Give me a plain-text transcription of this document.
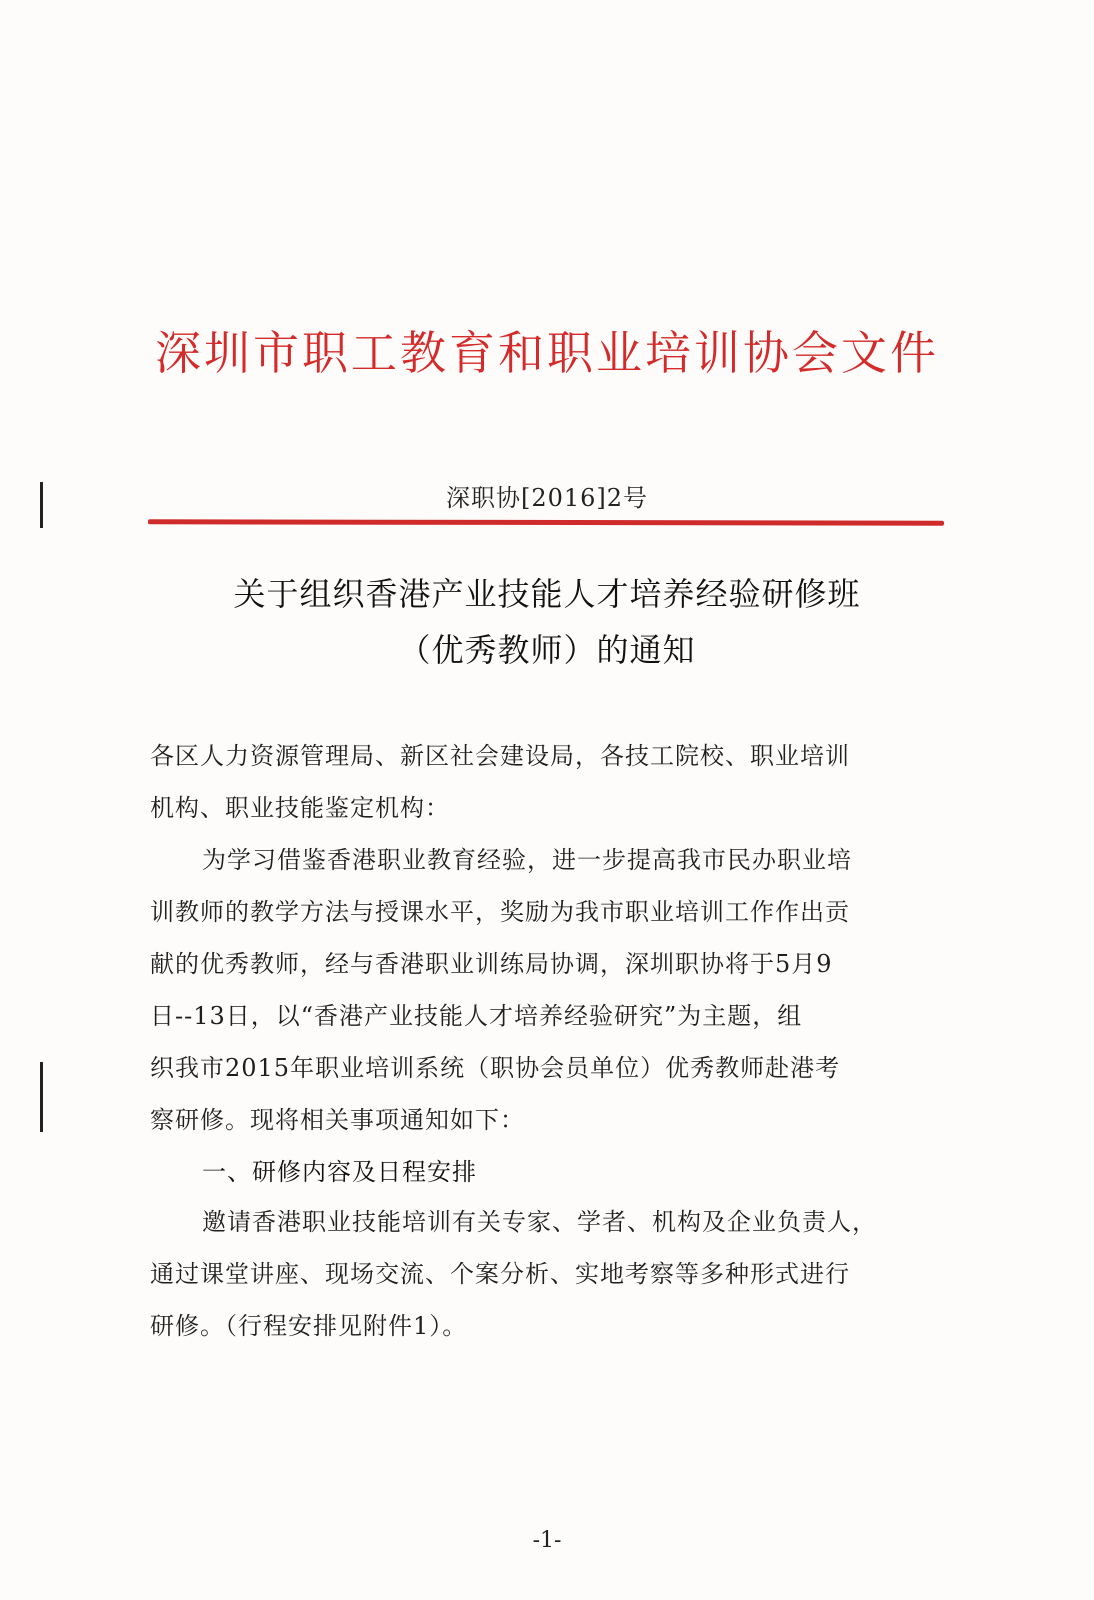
深圳市职工教育和职业培训协会文件
深职协[2016]2号
关于组织香港产业技能人才培养经验研修班
（优秀教师）的通知
各区人力资源管理局、新区社会建设局，各技工院校、职业培训
机构、职业技能鉴定机构：
为学习借鉴香港职业教育经验，进一步提高我市民办职业培
训教师的教学方法与授课水平，奖励为我市职业培训工作作出贡
献的优秀教师，经与香港职业训练局协调，深圳职协将于5月9
日--13日，以“香港产业技能人才培养经验研究”为主题，组
织我市2015年职业培训系统（职协会员单位）优秀教师赴港考
察研修。现将相关事项通知如下：
一、研修内容及日程安排
邀请香港职业技能培训有关专家、学者、机构及企业负责人，
通过课堂讲座、现场交流、个案分析、实地考察等多种形式进行
研修。（行程安排见附件1）。
-1-
